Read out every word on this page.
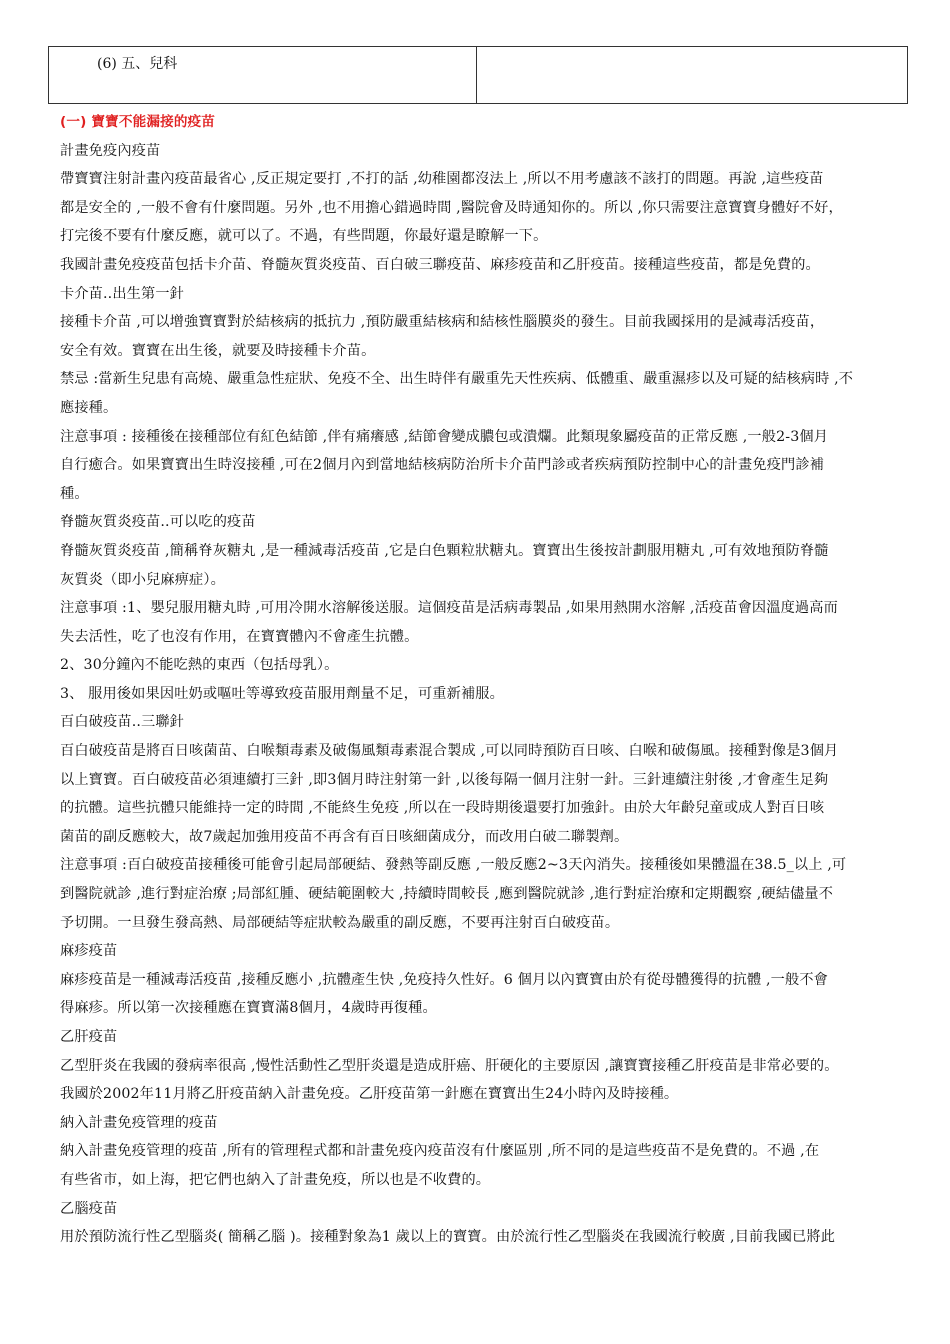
(6) 五、兒科
(一) 寶寶不能漏接的疫苗
計畫免疫內疫苗
帶寶寶注射計畫內疫苗最省心 ,反正規定要打 ,不打的話 ,幼稚園都沒法上 ,所以不用考慮該不該打的問題。再說 ,這些疫苗
都是安全的 ,一般不會有什麼問題。另外 ,也不用擔心錯過時間 ,醫院會及時通知你的。所以 ,你只需要注意寶寶身體好不好，
打完後不要有什麼反應，就可以了。不過，有些問題，你最好還是瞭解一下。
我國計畫免疫疫苗包括卡介苗、脊髓灰質炎疫苗、百白破三聯疫苗、麻疹疫苗和乙肝疫苗。接種這些疫苗，都是免費的。
卡介苗..出生第一針
接種卡介苗 ,可以增強寶寶對於結核病的抵抗力 ,預防嚴重結核病和結核性腦膜炎的發生。目前我國採用的是減毒活疫苗，
安全有效。寶寶在出生後，就要及時接種卡介苗。
禁忌 :當新生兒患有高燒、嚴重急性症狀、免疫不全、出生時伴有嚴重先天性疾病、低體重、嚴重濕疹以及可疑的結核病時 ,不
應接種。
注意事項 : 接種後在接種部位有紅色結節 ,伴有痛癢感 ,結節會變成膿包或潰爛。此類現象屬疫苗的正常反應 ,一般2-3個月
自行癒合。如果寶寶出生時沒接種 ,可在2個月內到當地結核病防治所卡介苗門診或者疾病預防控制中心的計畫免疫門診補
種。
脊髓灰質炎疫苗..可以吃的疫苗
脊髓灰質炎疫苗 ,簡稱脊灰糖丸 ,是一種減毒活疫苗 ,它是白色顆粒狀糖丸。寶寶出生後按計劃服用糖丸 ,可有效地預防脊髓
灰質炎（即小兒麻痹症）。
注意事項 :1、嬰兒服用糖丸時 ,可用冷開水溶解後送服。這個疫苗是活病毒製品 ,如果用熱開水溶解 ,活疫苗會因溫度過高而
失去活性，吃了也沒有作用，在寶寶體內不會產生抗體。
2、30分鐘內不能吃熱的東西（包括母乳）。
3、 服用後如果因吐奶或嘔吐等導致疫苗服用劑量不足，可重新補服。
百白破疫苗..三聯針
百白破疫苗是將百日咳菌苗、白喉類毒素及破傷風類毒素混合製成 ,可以同時預防百日咳、白喉和破傷風。接種對像是3個月
以上寶寶。百白破疫苗必須連續打三針 ,即3個月時注射第一針 ,以後每隔一個月注射一針。三針連續注射後 ,才會產生足夠
的抗體。這些抗體只能維持一定的時間 ,不能終生免疫 ,所以在一段時期後還要打加強針。由於大年齡兒童或成人對百日咳
菌苗的副反應較大，故7歲起加強用疫苗不再含有百日咳細菌成分，而改用白破二聯製劑。
注意事項 :百白破疫苗接種後可能會引起局部硬結、發熱等副反應 ,一般反應2~3天內消失。接種後如果體溫在38.5_以上 ,可
到醫院就診 ,進行對症治療 ;局部紅腫、硬結範圍較大 ,持續時間較長 ,應到醫院就診 ,進行對症治療和定期觀察 ,硬結儘量不
予切開。一旦發生發高熱、局部硬結等症狀較為嚴重的副反應，不要再注射百白破疫苗。
麻疹疫苗
麻疹疫苗是一種減毒活疫苗 ,接種反應小 ,抗體產生快 ,免疫持久性好。6 個月以內寶寶由於有從母體獲得的抗體 ,一般不會
得麻疹。所以第一次接種應在寶寶滿8個月，4歲時再復種。
乙肝疫苗
乙型肝炎在我國的發病率很高 ,慢性活動性乙型肝炎還是造成肝癌、肝硬化的主要原因 ,讓寶寶接種乙肝疫苗是非常必要的。
我國於2002年11月將乙肝疫苗納入計畫免疫。乙肝疫苗第一針應在寶寶出生24小時內及時接種。
納入計畫免疫管理的疫苗
納入計畫免疫管理的疫苗 ,所有的管理程式都和計畫免疫內疫苗沒有什麼區別 ,所不同的是這些疫苗不是免費的。不過 ,在
有些省市，如上海，把它們也納入了計畫免疫，所以也是不收費的。
乙腦疫苗
用於預防流行性乙型腦炎( 簡稱乙腦 )。接種對象為1 歲以上的寶寶。由於流行性乙型腦炎在我國流行較廣 ,目前我國已將此
